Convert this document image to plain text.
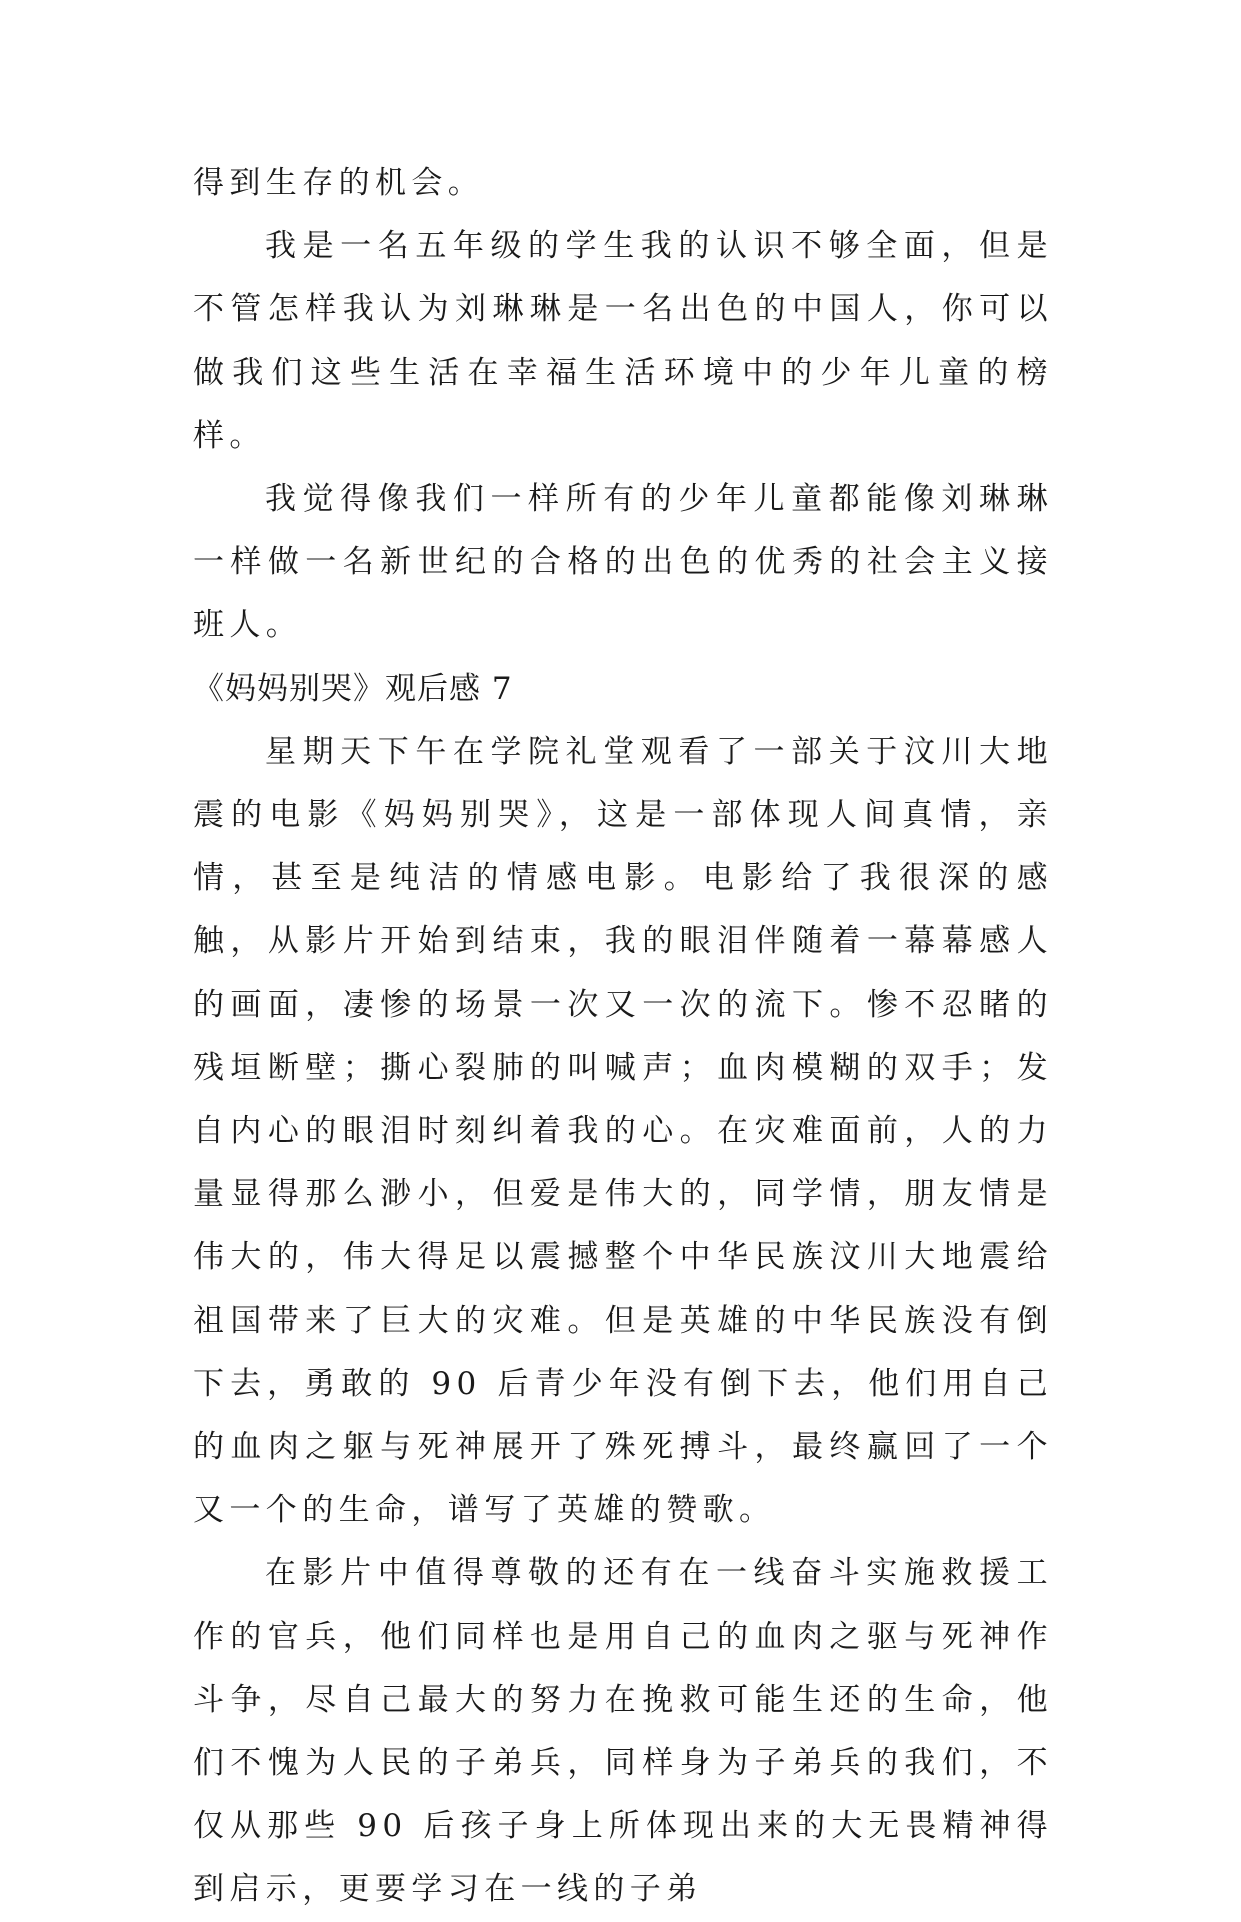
得到生存的机会。

我是一名五年级的学生我的认识不够全面，但是不管怎样我认为刘琳琳是一名出色的中国人，你可以做我们这些生活在幸福生活环境中的少年儿童的榜样。

我觉得像我们一样所有的少年儿童都能像刘琳琳一样做一名新世纪的合格的出色的优秀的社会主义接班人。

《妈妈别哭》观后感 7

星期天下午在学院礼堂观看了一部关于汶川大地震的电影《妈妈别哭》，这是一部体现人间真情，亲情，甚至是纯洁的情感电影。电影给了我很深的感触，从影片开始到结束，我的眼泪伴随着一幕幕感人的画面，凄惨的场景一次又一次的流下。惨不忍睹的残垣断壁；撕心裂肺的叫喊声；血肉模糊的双手；发自内心的眼泪时刻纠着我的心。在灾难面前，人的力量显得那么渺小，但爱是伟大的，同学情，朋友情是伟大的，伟大得足以震撼整个中华民族汶川大地震给祖国带来了巨大的灾难。但是英雄的中华民族没有倒下去，勇敢的 90 后青少年没有倒下去，他们用自己的血肉之躯与死神展开了殊死搏斗，最终赢回了一个又一个的生命，谱写了英雄的赞歌。

在影片中值得尊敬的还有在一线奋斗实施救援工作的官兵，他们同样也是用自己的血肉之驱与死神作斗争，尽自己最大的努力在挽救可能生还的生命，他们不愧为人民的子弟兵，同样身为子弟兵的我们，不仅从那些 90 后孩子身上所体现出来的大无畏精神得到启示，更要学习在一线的子弟
